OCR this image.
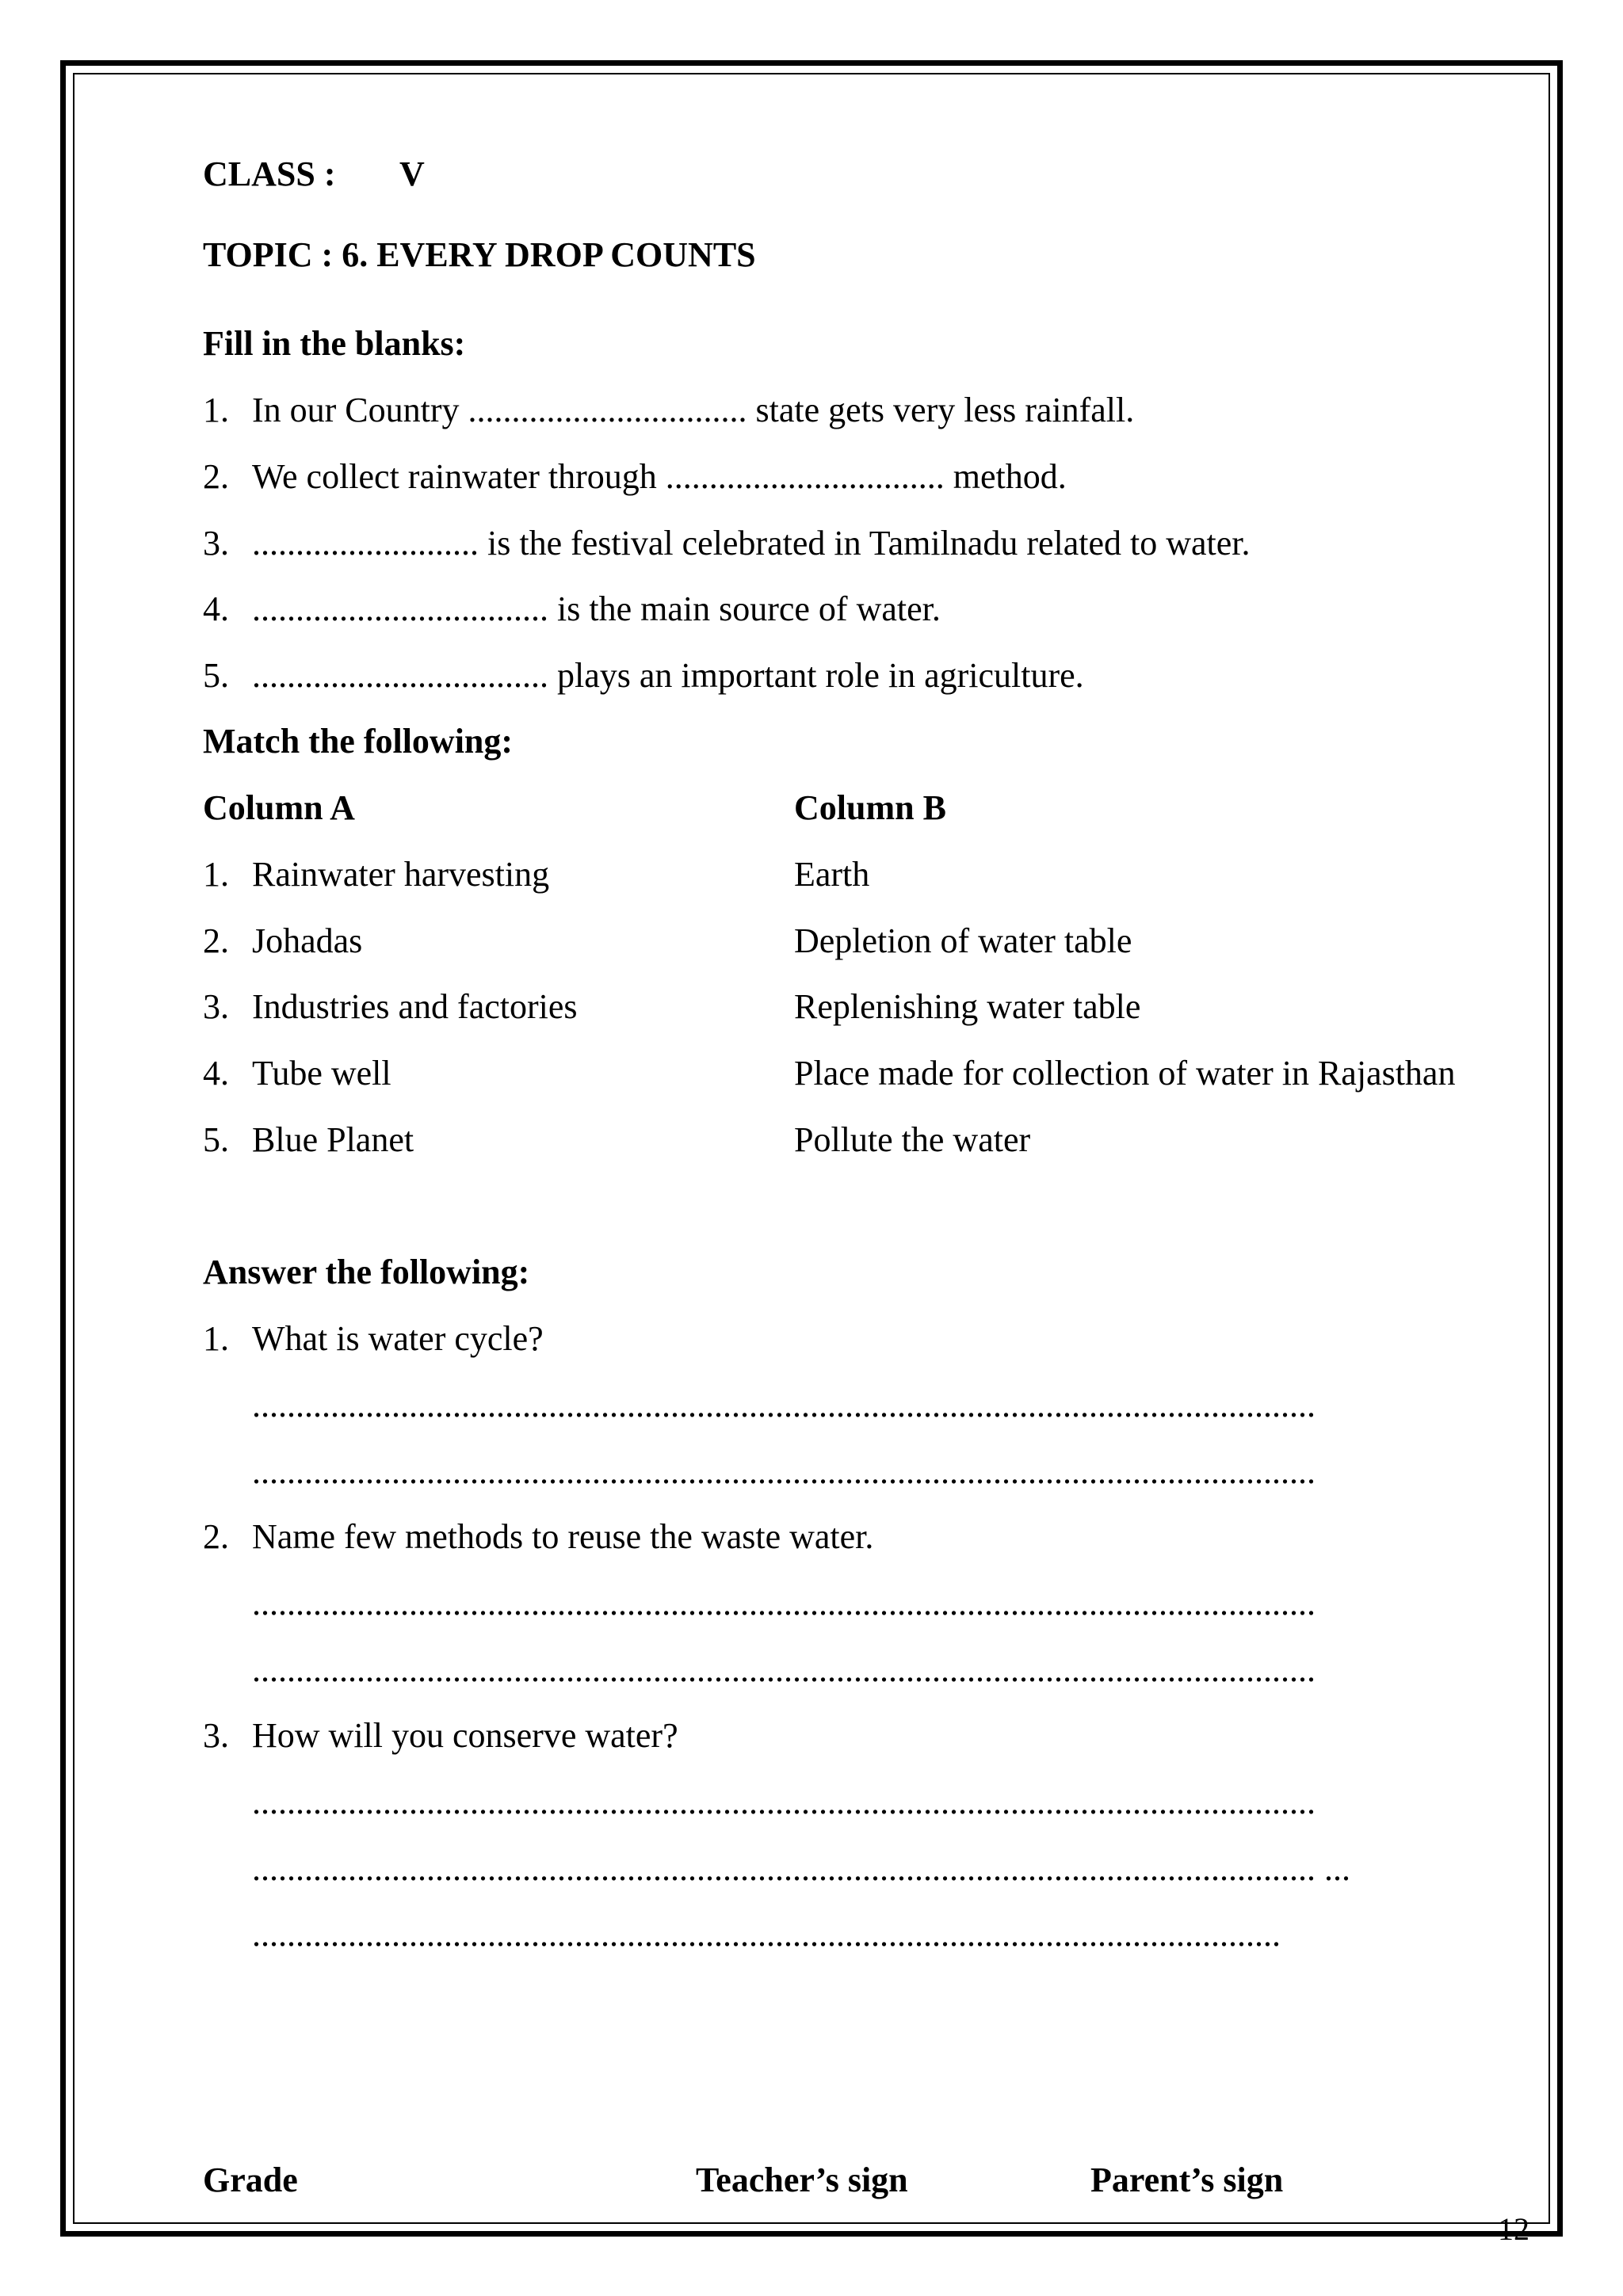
CLASS : V
TOPIC : 6. EVERY DROP COUNTS
Fill in the blanks:
1. In our Country ................................ state gets very less rainfall.
2. We collect rainwater through ................................ method.
3. .......................... is the festival celebrated in Tamilnadu related to water.
4. .................................. is the main source of water.
5. .................................. plays an important role in agriculture.
Match the following:
Column A	Column B
1. Rainwater harvesting	Earth
2. Johadas	Depletion of water table
3. Industries and factories	Replenishing water table
4. Tube well	Place made for collection of water in Rajasthan
5. Blue Planet	Pollute the water
Answer the following:
1. What is water cycle?
..........................................................................................................................
..........................................................................................................................
2. Name few methods to reuse the waste water.
..........................................................................................................................
..........................................................................................................................
3. How will you conserve water?
..........................................................................................................................
.......................................................................................................................... ...
......................................................................................................................
Grade	Teacher’s sign	Parent’s sign
12
